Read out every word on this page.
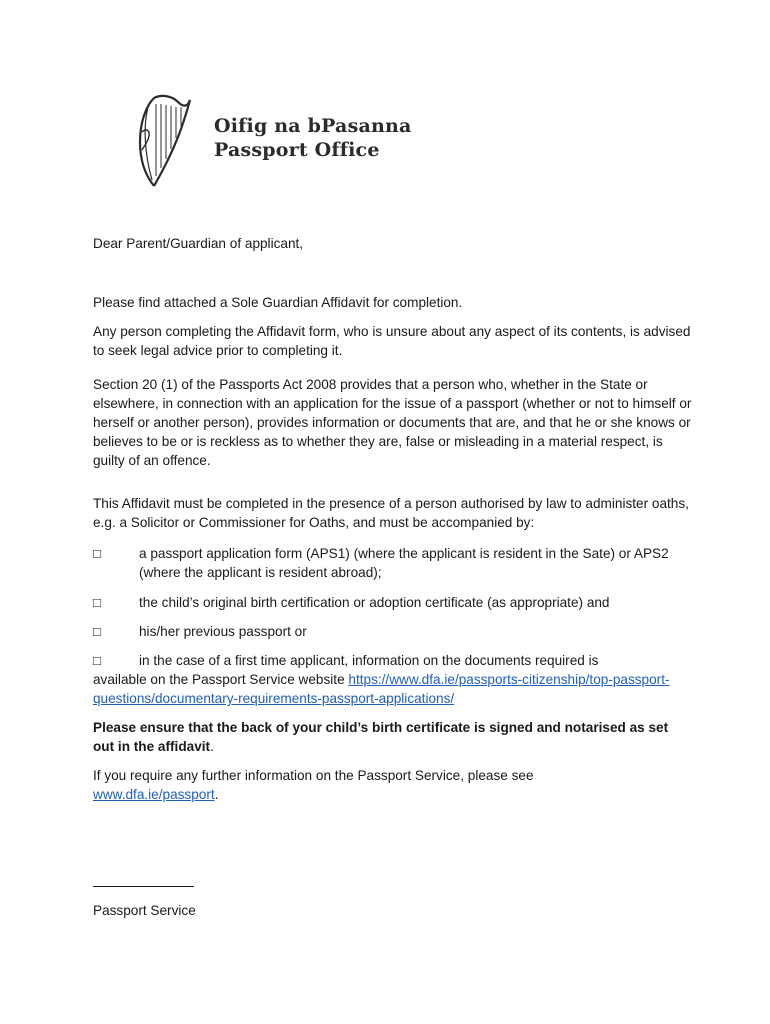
Oifig na bPasanna
Passport Office

Dear Parent/Guardian of applicant,

Please find attached a Sole Guardian Affidavit for completion.

Any person completing the Affidavit form, who is unsure about any aspect of its contents, is advised to seek legal advice prior to completing it.

Section 20 (1) of the Passports Act 2008 provides that a person who, whether in the State or elsewhere, in connection with an application for the issue of a passport (whether or not to himself or herself or another person), provides information or documents that are, and that he or she knows or believes to be or is reckless as to whether they are, false or misleading in a material respect, is guilty of an offence.

This Affidavit must be completed in the presence of a person authorised by law to administer oaths, e.g. a Solicitor or Commissioner for Oaths, and must be accompanied by:

□	a passport application form (APS1) (where the applicant is resident in the Sate) or APS2 (where the applicant is resident abroad);
□	the child’s original birth certification or adoption certificate (as appropriate) and
□	his/her previous passport or
□	in the case of a first time applicant, information on the documents required is
available on the Passport Service website https://www.dfa.ie/passports-citizenship/top-passport-questions/documentary-requirements-passport-applications/

Please ensure that the back of your child’s birth certificate is signed and notarised as set out in the affidavit.

If you require any further information on the Passport Service, please see
www.dfa.ie/passport.

Passport Service
